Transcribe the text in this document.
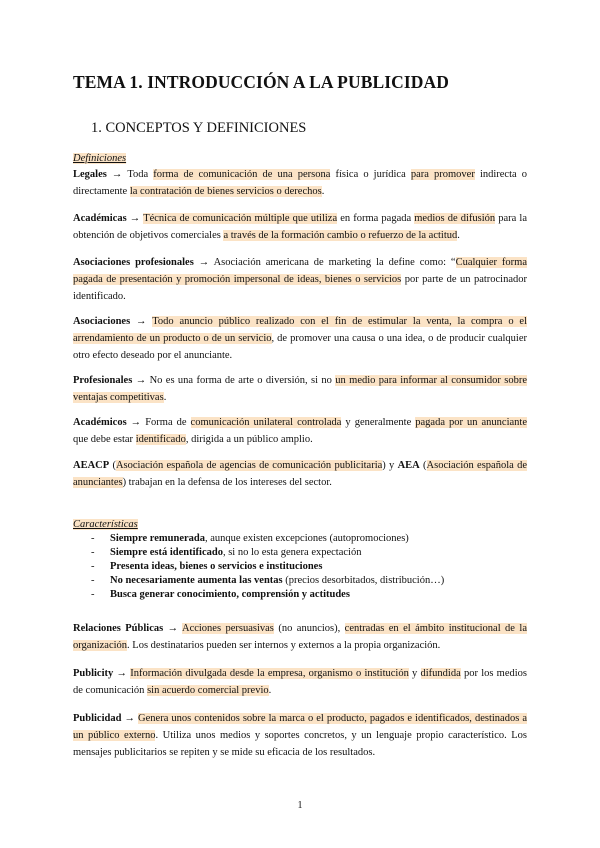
TEMA 1. INTRODUCCIÓN A LA PUBLICIDAD
1. CONCEPTOS Y DEFINICIONES
Definiciones

Legales → Toda forma de comunicación de una persona física o jurídica para promover indirecta o directamente la contratación de bienes servicios o derechos.

Académicas → Técnica de comunicación múltiple que utiliza en forma pagada medios de difusión para la obtención de objetivos comerciales a través de la formación cambio o refuerzo de la actitud.

Asociaciones profesionales → Asociación americana de marketing la define como: “Cualquier forma pagada de presentación y promoción impersonal de ideas, bienes o servicios por parte de un patrocinador identificado.

Asociaciones → Todo anuncio público realizado con el fin de estimular la venta, la compra o el arrendamiento de un producto o de un servicio, de promover una causa o una idea, o de producir cualquier otro efecto deseado por el anunciante.

Profesionales → No es una forma de arte o diversión, si no un medio para informar al consumidor sobre ventajas competitivas.

Académicos → Forma de comunicación unilateral controlada y generalmente pagada por un anunciante que debe estar identificado, dirigida a un público amplio.

AEACP (Asociación española de agencias de comunicación publicitaria) y AEA (Asociación española de anunciantes) trabajan en la defensa de los intereses del sector.

Características
- Siempre remunerada, aunque existen excepciones (autopromociones)
- Siempre está identificado, si no lo esta genera expectación
- Presenta ideas, bienes o servicios e instituciones
- No necesariamente aumenta las ventas (precios desorbitados, distribución…)
- Busca generar conocimiento, comprensión y actitudes

Relaciones Públicas → Acciones persuasivas (no anuncios), centradas en el ámbito institucional de la organización. Los destinatarios pueden ser internos y externos a la propia organización.

Publicity → Información divulgada desde la empresa, organismo o institución y difundida por los medios de comunicación sin acuerdo comercial previo.

Publicidad → Genera unos contenidos sobre la marca o el producto, pagados e identificados, destinados a un público externo. Utiliza unos medios y soportes concretos, y un lenguaje propio característico. Los mensajes publicitarios se repiten y se mide su eficacia de los resultados.

1
